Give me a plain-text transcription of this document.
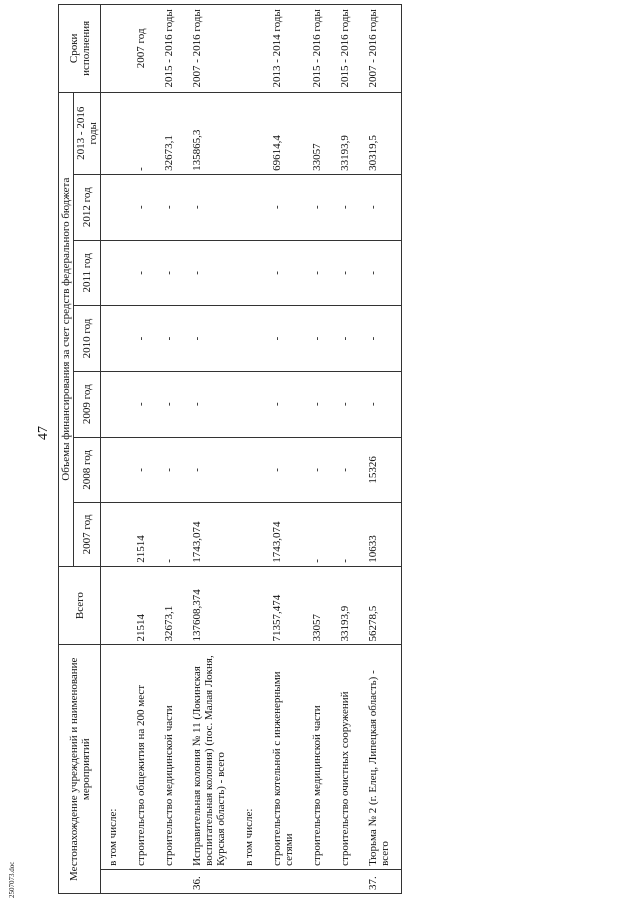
47
Местонахождение учреждений и наименование мероприятий		Всего	Объемы финансирования за счет средств федерального бюджета							Сроки исполнения
			2007 год	2008 год	2009 год	2010 год	2011 год	2012 год	2013 - 2016 годы	
	в том числе:									
	строительство общежития на 200 мест	21514	21514	-	-	-	-	-	-	2007 год
	строительство медицинской части	32673,1	-	-	-	-	-	-	32673,1	2015 - 2016 годы
36.	Исправительная колония № 11 (Локинская воспитательная колония) (пос. Малая Локня, Курская область) - всего	137608,374	1743,074	-	-	-	-	-	135865,3	2007 - 2016 годы
	в том числе:									
	строительство котельной с инженерными сетями	71357,474	1743,074	-	-	-	-	-	69614,4	2013 - 2014 годы
	строительство медицинской части	33057	-	-	-	-	-	-	33057	2015 - 2016 годы
	строительство очистных сооружений	33193,9	-	-	-	-	-	-	33193,9	2015 - 2016 годы
37.	Тюрьма № 2 (г. Елец, Липецкая область) - всего	56278,5	10633	15326	-	-	-	-	30319,5	2007 - 2016 годы
2507073.doc
